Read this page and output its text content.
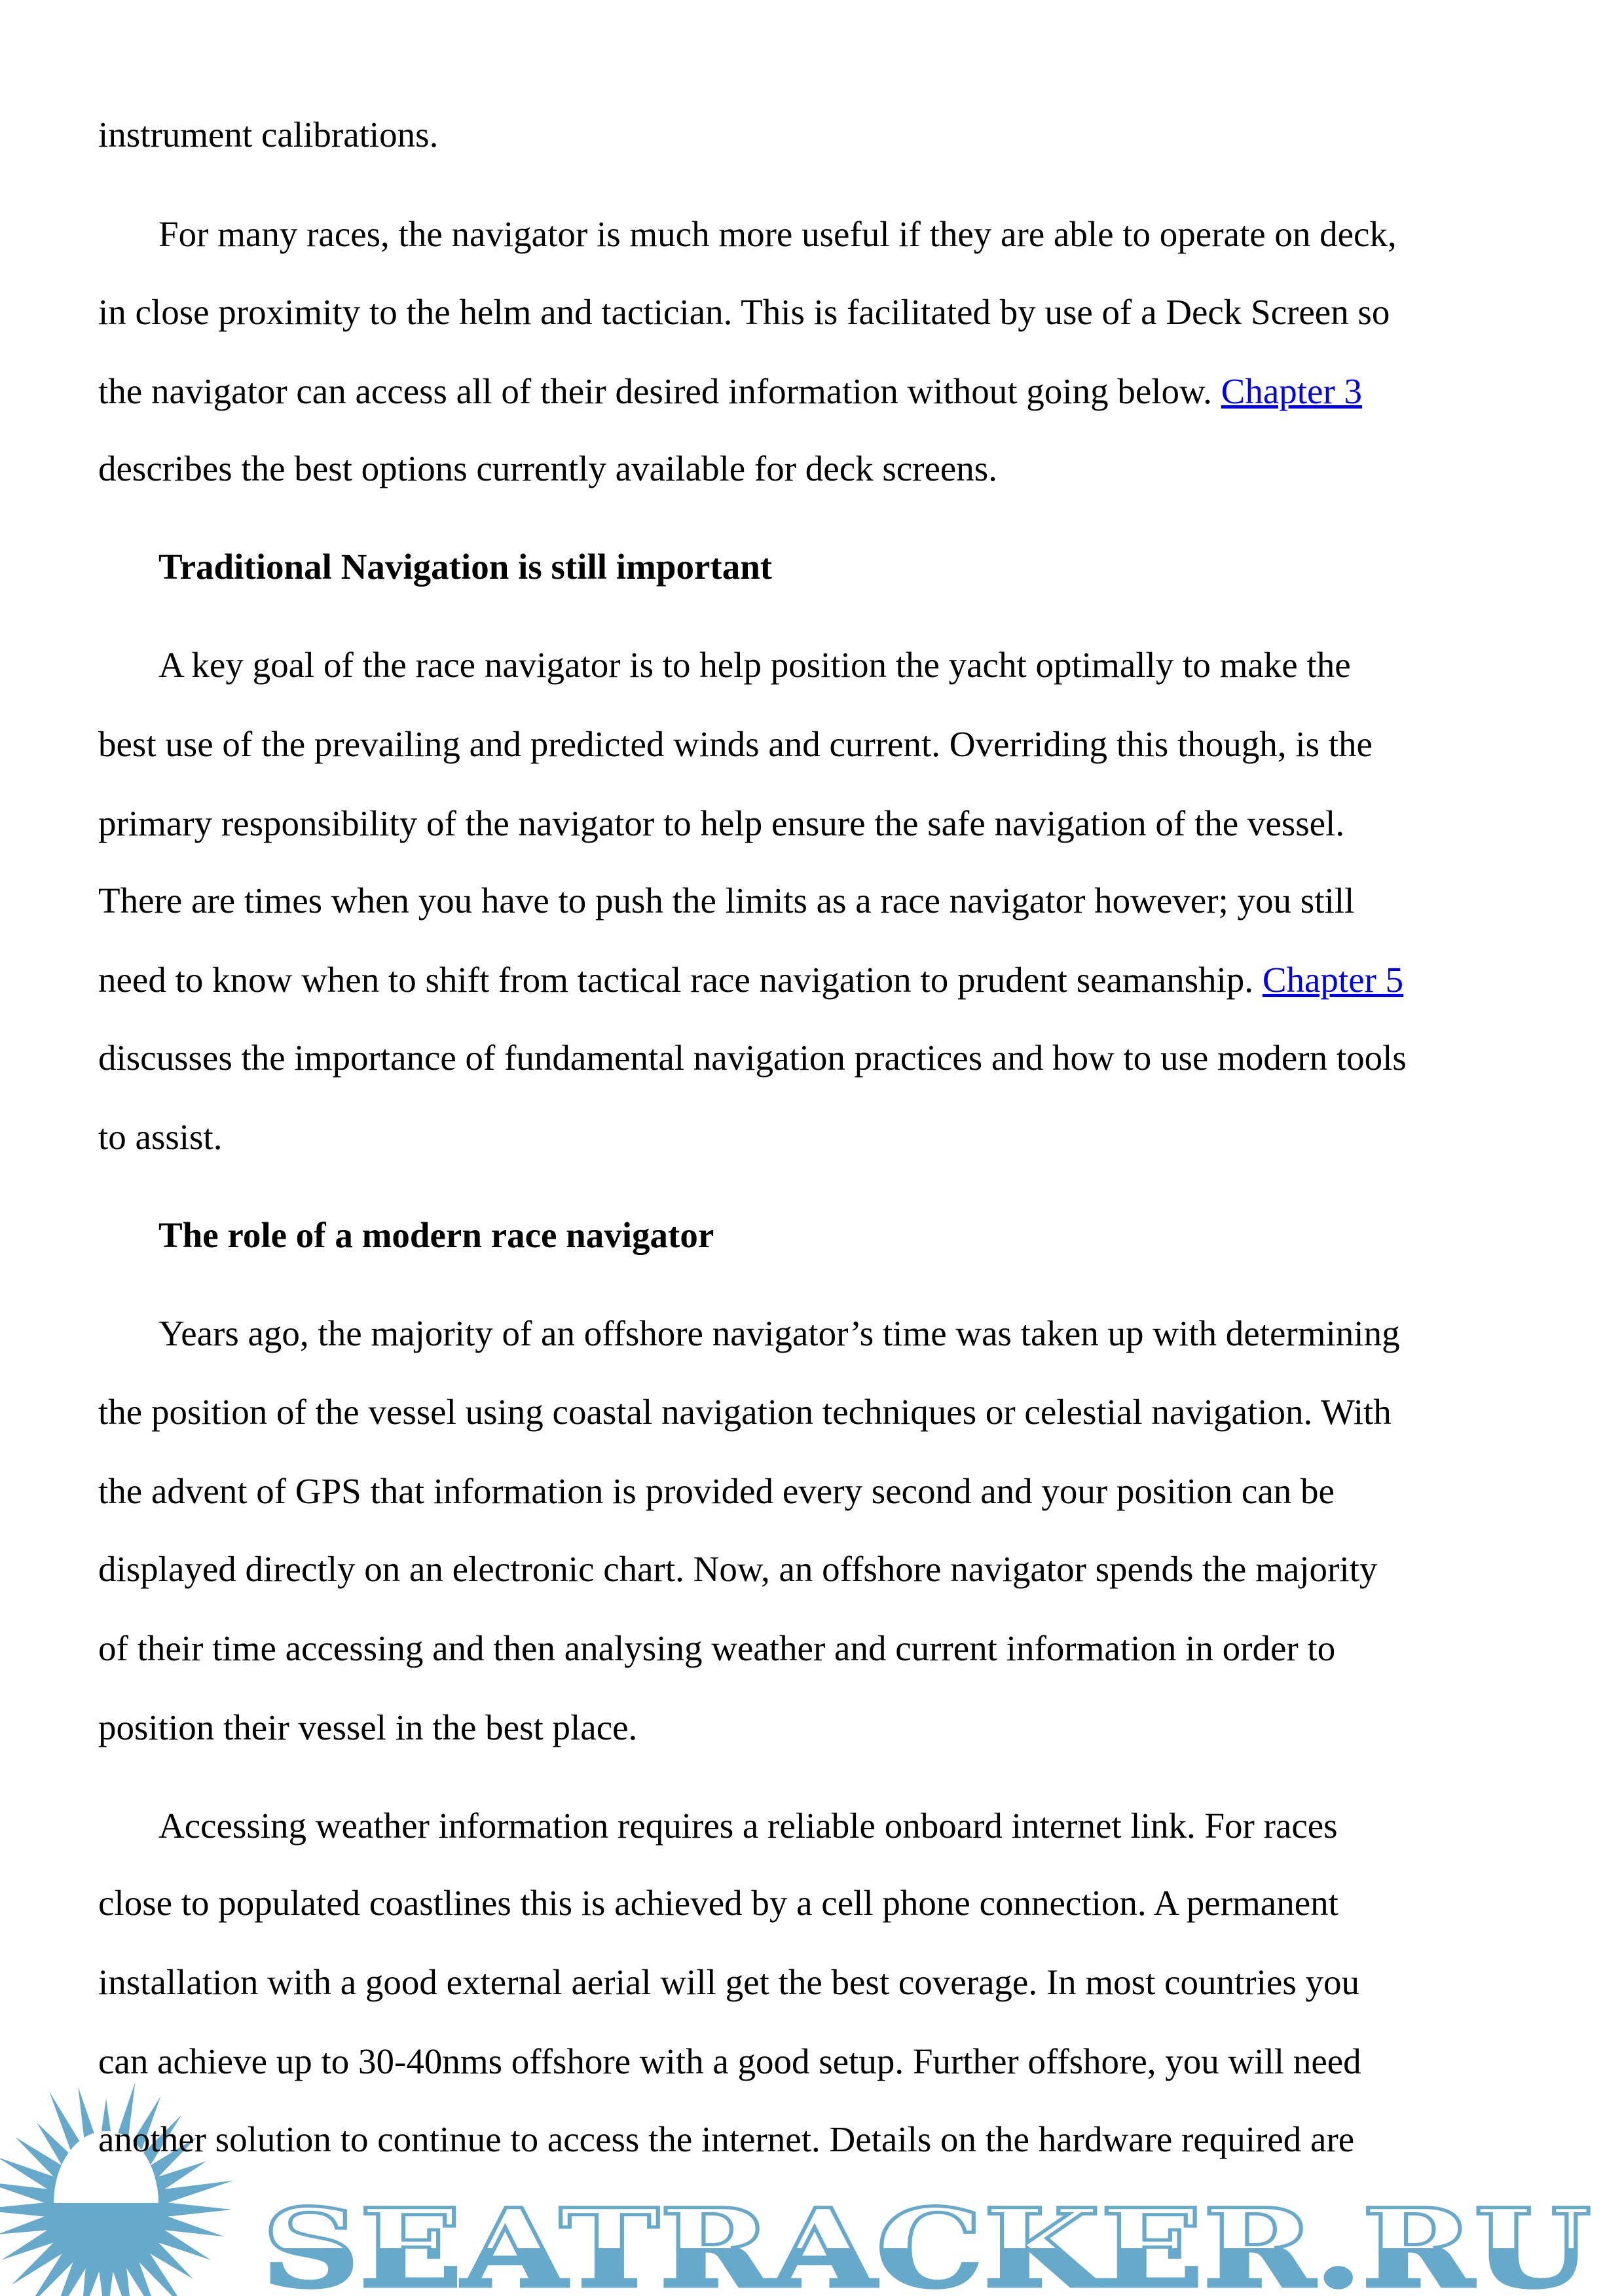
instrument calibrations.
For many races, the navigator is much more useful if they are able to operate on deck,
in close proximity to the helm and tactician. This is facilitated by use of a Deck Screen so
the navigator can access all of their desired information without going below. Chapter 3
describes the best options currently available for deck screens.
Traditional Navigation is still important
A key goal of the race navigator is to help position the yacht optimally to make the
best use of the prevailing and predicted winds and current. Overriding this though, is the
primary responsibility of the navigator to help ensure the safe navigation of the vessel.
There are times when you have to push the limits as a race navigator however; you still
need to know when to shift from tactical race navigation to prudent seamanship. Chapter 5
discusses the importance of fundamental navigation practices and how to use modern tools
to assist.
The role of a modern race navigator
Years ago, the majority of an offshore navigator’s time was taken up with determining
the position of the vessel using coastal navigation techniques or celestial navigation. With
the advent of GPS that information is provided every second and your position can be
displayed directly on an electronic chart. Now, an offshore navigator spends the majority
of their time accessing and then analysing weather and current information in order to
position their vessel in the best place.
Accessing weather information requires a reliable onboard internet link. For races
close to populated coastlines this is achieved by a cell phone connection. A permanent
installation with a good external aerial will get the best coverage. In most countries you
can achieve up to 30-40nms offshore with a good setup. Further offshore, you will need
another solution to continue to access the internet. Details on the hardware required are
SEATRACKER.RU
